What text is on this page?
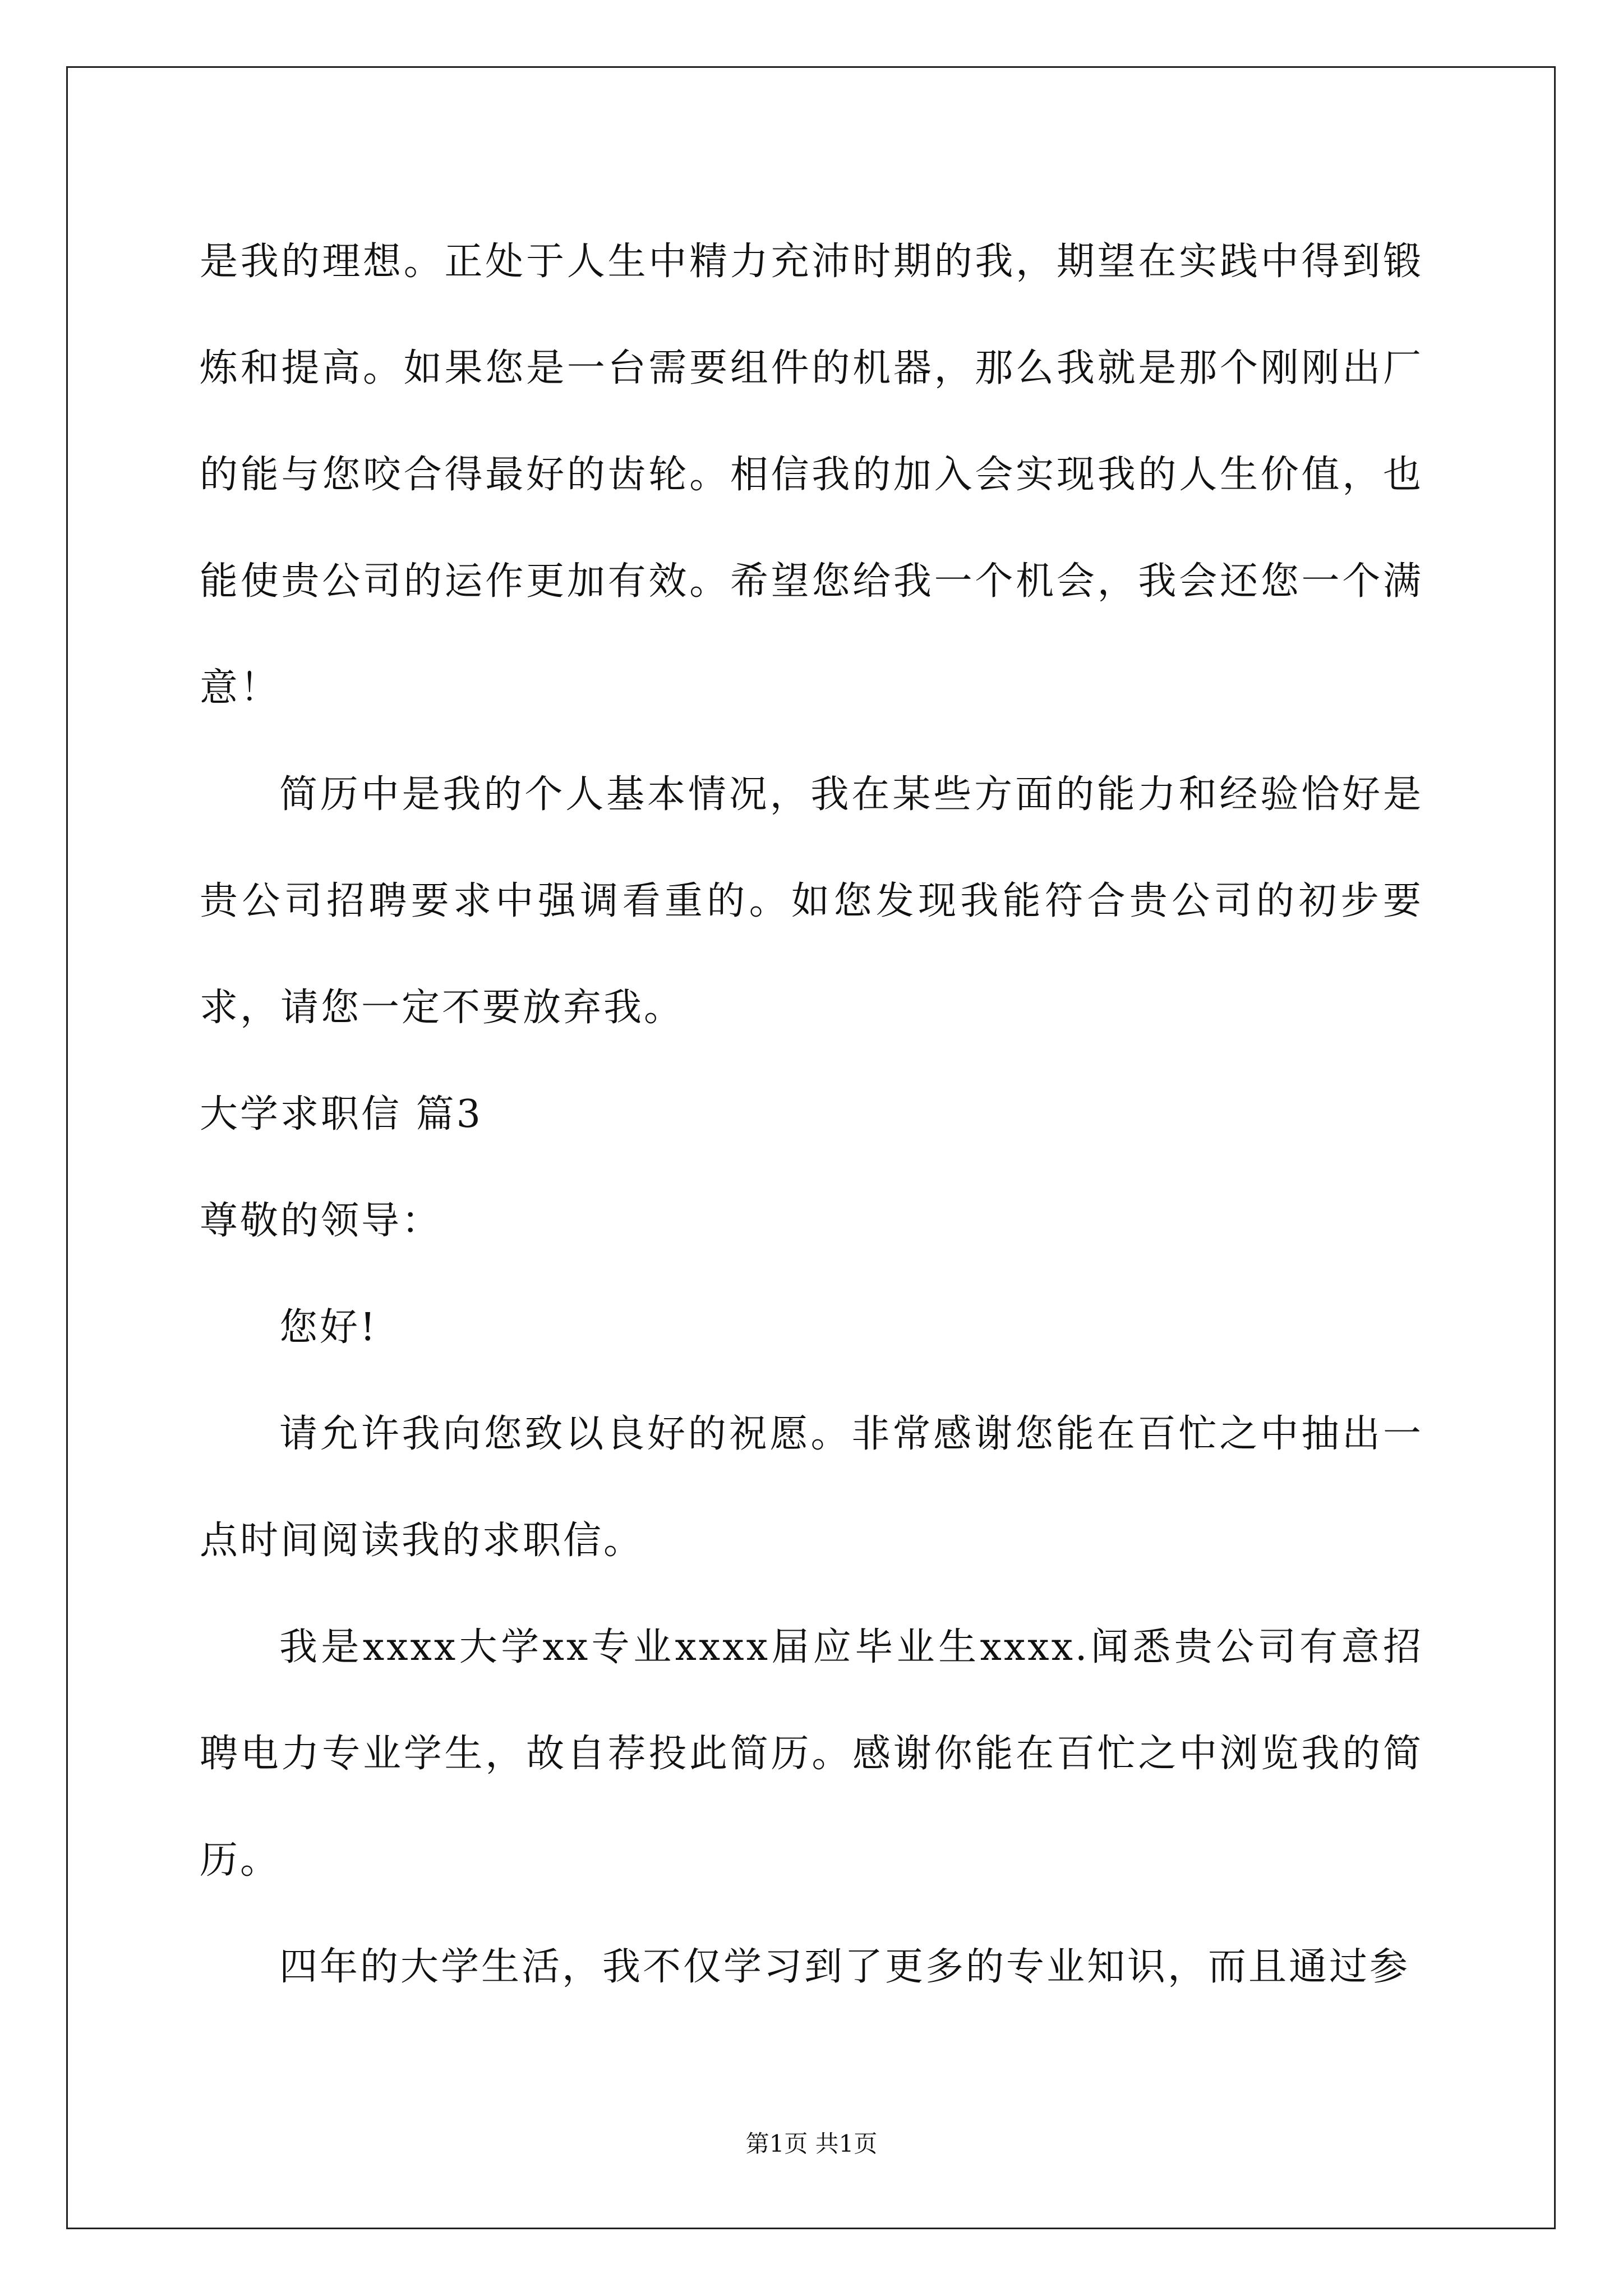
是我的理想。正处于人生中精力充沛时期的我，期望在实践中得到锻炼和提高。如果您是一台需要组件的机器，那么我就是那个刚刚出厂的能与您咬合得最好的齿轮。相信我的加入会实现我的人生价值，也能使贵公司的运作更加有效。希望您给我一个机会，我会还您一个满意！

简历中是我的个人基本情况，我在某些方面的能力和经验恰好是贵公司招聘要求中强调看重的。如您发现我能符合贵公司的初步要求，请您一定不要放弃我。

大学求职信 篇3

尊敬的领导：

您好!

请允许我向您致以良好的祝愿。非常感谢您能在百忙之中抽出一点时间阅读我的求职信。

我是xxxx大学xx专业xxxx届应毕业生xxxx.闻悉贵公司有意招聘电力专业学生，故自荐投此简历。感谢你能在百忙之中浏览我的简历。

四年的大学生活，我不仅学习到了更多的专业知识，而且通过参

第1页 共1页
